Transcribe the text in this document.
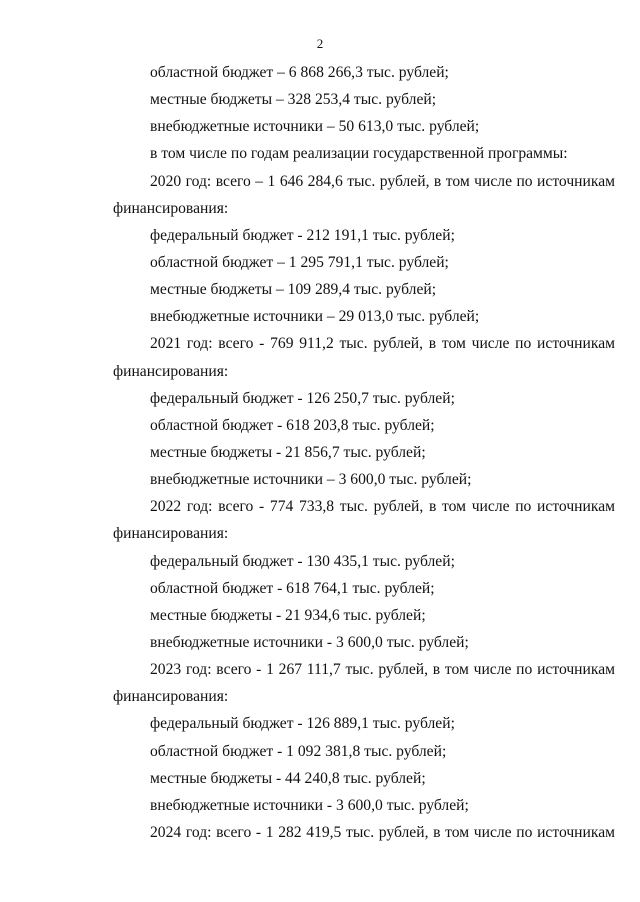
2
областной бюджет – 6 868 266,3 тыс. рублей;
местные бюджеты – 328 253,4 тыс. рублей;
внебюджетные источники – 50 613,0 тыс. рублей;
в том числе по годам реализации государственной программы:
2020 год: всего – 1 646 284,6 тыс. рублей, в том числе по источникам
финансирования:
федеральный бюджет - 212 191,1 тыс. рублей;
областной бюджет – 1 295 791,1 тыс. рублей;
местные бюджеты – 109 289,4 тыс. рублей;
внебюджетные источники – 29 013,0 тыс. рублей;
2021 год: всего - 769 911,2 тыс. рублей, в том числе по источникам
финансирования:
федеральный бюджет - 126 250,7 тыс. рублей;
областной бюджет - 618 203,8 тыс. рублей;
местные бюджеты - 21 856,7 тыс. рублей;
внебюджетные источники – 3 600,0 тыс. рублей;
2022 год: всего - 774 733,8 тыс. рублей, в том числе по источникам
финансирования:
федеральный бюджет - 130 435,1 тыс. рублей;
областной бюджет - 618 764,1 тыс. рублей;
местные бюджеты - 21 934,6 тыс. рублей;
внебюджетные источники - 3 600,0 тыс. рублей;
2023 год: всего - 1 267 111,7 тыс. рублей, в том числе по источникам
финансирования:
федеральный бюджет - 126 889,1 тыс. рублей;
областной бюджет - 1 092 381,8 тыс. рублей;
местные бюджеты - 44 240,8 тыс. рублей;
внебюджетные источники - 3 600,0 тыс. рублей;
2024 год: всего - 1 282 419,5 тыс. рублей, в том числе по источникам
